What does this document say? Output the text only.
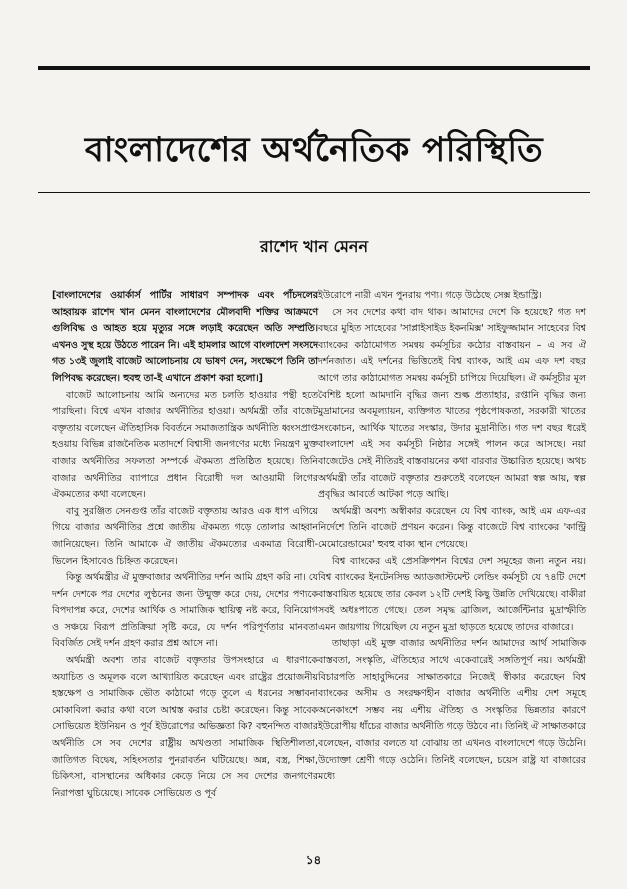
বাংলাদেশের অর্থনৈতিক পরিস্থিতি
রাশেদ খান মেনন

[বাংলাদেশের ওয়ার্কার্স পার্টির সাধারণ সম্পাদক এবং পাঁচদলের আহ্বায়ক রাশেদ খান মেনন বাংলাদেশের মৌলবাদী শক্তির আক্রমণে গুলিবিদ্ধ ও আহত হয়ে মৃত্যুর সঙ্গে লড়াই করেছেন অতি সম্প্রতি। এখনও সুস্থ হয়ে উঠতে পারেন নি। এই হামলার আগে বাংলাদেশ সংসদে গত ১৩ই জুলাই বাজেট আলোচনায় যে ভাষণ দেন, সংক্ষেপে তিনি তা লিপিবদ্ধ করেছেন। হুবহু তা-ই এখানে প্রকাশ করা হলো।]

বাজেট আলোচনায় আমি অন্যদের মত চলতি হাওয়ার পন্থী হতে পারছিনা। বিশ্বে এখন বাজার অর্থনীতির হাওয়া। অর্থমন্ত্রী তাঁর বাজেট বক্তৃতায় বলেছেন ঐতিহাসিক বিবর্তনে সমাজতান্ত্রিক অর্থনীতি ধ্বংসপ্রাপ্ত হওয়ায় বিভিন্ন রাজনৈতিক মতাদর্শে বিশ্বাসী জনগণের মধ্যে নিয়ন্ত্রণ মুক্ত বাজার অর্থনীতির সফলতা সম্পর্কে ঐকমত্য প্রতিষ্ঠিত হয়েছে। তিনি বাজার অর্থনীতির ব্যাপারে প্রধান বিরোধী দল আওয়ামী লিগের ঐকমত্যের কথা বলেছেন।

বাবু সুরঞ্জিত সেনগুপ্ত তাঁর বাজেট বক্তৃতায় আরও এক ধাপ এগিয়ে গিয়ে বাজার অর্থনীতির প্রশ্নে জাতীয় ঐকমত্য গড়ে তোলার আহ্বান জানিয়েছেন। তিনি আমাকে ঐ জাতীয় ঐকমত্যের একমাত্র বিরোধী-ভিলেন হিসাবেও চিহ্নিত করেছেন।

কিন্তু অর্থমন্ত্রীর ঐ মুক্তবাজার অর্থনীতির দর্শন আমি গ্রহণ করি না। যে দর্শন দেশকে পর দেশের লুণ্ঠনের জন্য উন্মুক্ত করে দেয়, দেশের পণ্যকে বিপদাপন্ন করে, দেশের আর্থিক ও সামাজিক স্থায়িত্ব নষ্ট করে, বিনিয়োগ ও সঞ্চয়ে বিরূপ প্রতিক্রিয়া সৃষ্টি করে, যে দর্শন পরিপূর্ণতার মানবতা বিবর্জিত সেই দর্শন গ্রহণ করার প্রশ্ন আসে না।

অর্থমন্ত্রী অবশ্য তার বাজেট বক্তৃতার উপসংহারে এ ধারণাকে অযাচিত ও অমূলক বলে আখ্যায়িত করেছেন এবং রাষ্ট্রের প্রয়োজনীয় হস্তক্ষেপ ও সামাজিক ভৌত কাঠামো গড়ে তুলে এ ধরনের সম্ভাবনা মোকাবিলা করার কথা বলে আশ্বস্ত করার চেষ্টা করেছেন। কিন্তু সাবেক সোভিয়েত ইউনিয়ন ও পূর্ব ইউরোপের অভিজ্ঞতা কি? বহুনন্দিত বাজার অর্থনীতি সে সব দেশের রাষ্ট্রীয় অখণ্ডতা সামাজিক স্থিতিশীলতা, জাতিগত বিদ্বেষ, সহিংসতার পুনরাবর্তন ঘটিয়েছে। অন্ন, বস্ত্র, শিক্ষা, চিকিৎসা, বাসস্থানের অধিকার কেড়ে নিয়ে সে সব দেশের জনগণের নিরাপত্তা ঘুচিয়েছে। সাবেক সোভিয়েত ও পূর্ব

ইউরোপে নারী এখন পুনরায় পণ্য। গড়ে উঠেছে সেক্স ইন্ডাস্ট্রি।

সে সব দেশের কথা বাদ থাক। আমাদের দেশে কি হয়েছে? গত দশ বছরে মুহিত সাহেবের 'সাপ্লাইসাইড ইকনমিক্স' সাইফুজ্জামান সাহেবের বিশ্ব ব্যাংকের কাঠামোগত সমন্বয় কর্মসূচির কঠোর বাস্তবায়ন – এ সব ঐ দর্শনজাত। এই দর্শনের ভিত্তিতেই বিশ্ব ব্যাংক, আই এম এফ দশ বছর আগে তার কাঠামোগত সমন্বয় কর্মসূচী চাপিয়ে দিয়েছিল। ঐ কর্মসূচীর মূল বৈশিষ্ট হলো আমদানি বৃদ্ধির জন্য শুল্ক প্রত্যাহার, রপ্তানি বৃদ্ধির জন্য মুদ্রামানের অবমূল্যায়ন, ব্যক্তিগত খাতের পৃষ্ঠপোষকতা, সরকারী খাতের সংকোচন, আর্থিক খাতের সংস্কার, উদার মুদ্রানীতি। গত দশ বছর ধরেই বাংলাদেশ এই সব কর্মসূচী নিষ্ঠার সঙ্গেই পালন করে আসছে। নয়া বাজেটেও সেই নীতিরই বাস্তবায়নের কথা বারবার উচ্চারিত হয়েছে। অথচ অর্থমন্ত্রী তাঁর বাজেট বক্তৃতার শুরুতেই বলেছেন আমরা স্বল্প আয়, স্বল্প প্রবৃদ্ধির আবর্তে আটকা পড়ে আছি।

অর্থমন্ত্রী অবশ্য অস্বীকার করেছেন যে বিশ্ব ব্যাংক, আই এম এফ-এর নির্দেশে তিনি বাজেট প্রণয়ন করেন। কিন্তু বাজেটে বিশ্ব ব্যাংকের 'কান্ট্রি মেমোরেন্ডামের' হুবহু বাক্য স্থান পেয়েছে।

বিশ্ব ব্যাংকের এই প্রেসক্রিপশন বিশ্বের দেশ সমূহের জন্য নতুন নয়। বিশ্ব ব্যাংকের ইনটেনসিভ অ্যাডজাস্টমেন্ট লেন্ডিং কর্মসূচী যে ৭৪টি দেশে বাস্তবায়িত হয়েছে তার কেবল ১২টি দেশই কিছু উন্নতি দেখিয়েছে। বাকীরা সবই অধঃপাতে গেছে। তেল সমৃদ্ধ ব্রাজিল, আর্জেন্টিনার মুদ্রাস্ফীতি এমন জায়গায় গিয়েছিল যে নতুন মুদ্রা ছাড়তে হয়েছে তাদের বাজারে।

তাছাড়া এই মুক্ত বাজার অর্থনীতির দর্শন আমাদের আর্থ সামাজিক বাস্তবতা, সংস্কৃতি, ঐতিহ্যের সাথে একেবারেই সঙ্গতিপূর্ণ নয়। অর্থমন্ত্রী বিচারপতি সাহাবুদ্দিনের সাক্ষাতকারে নিজেই স্বীকার করেছেন বিশ্ব ব্যাংকের অসীম ও সংরক্ষণহীন বাজার অর্থনীতি এশীয় দেশ সমূহে অনেকাংশে সম্ভব নয় এশীয় ঐতিহ্য ও সংস্কৃতির ভিন্নতার কারণে ইউরোপীয় ধাঁচের বাজার অর্থনীতি গড়ে উঠবে না। তিনিই ঐ সাক্ষাতকারে বলেছেন, বাজার বলতে যা বোঝায় তা এখনও বাংলাদেশে গড়ে উঠেনি। উদ্যোক্তা শ্রেণী গড়ে ওঠেনি। তিনিই বলেছেন, চয়েস রাষ্ট্র যা বাজারের মধ্যে

১৪
